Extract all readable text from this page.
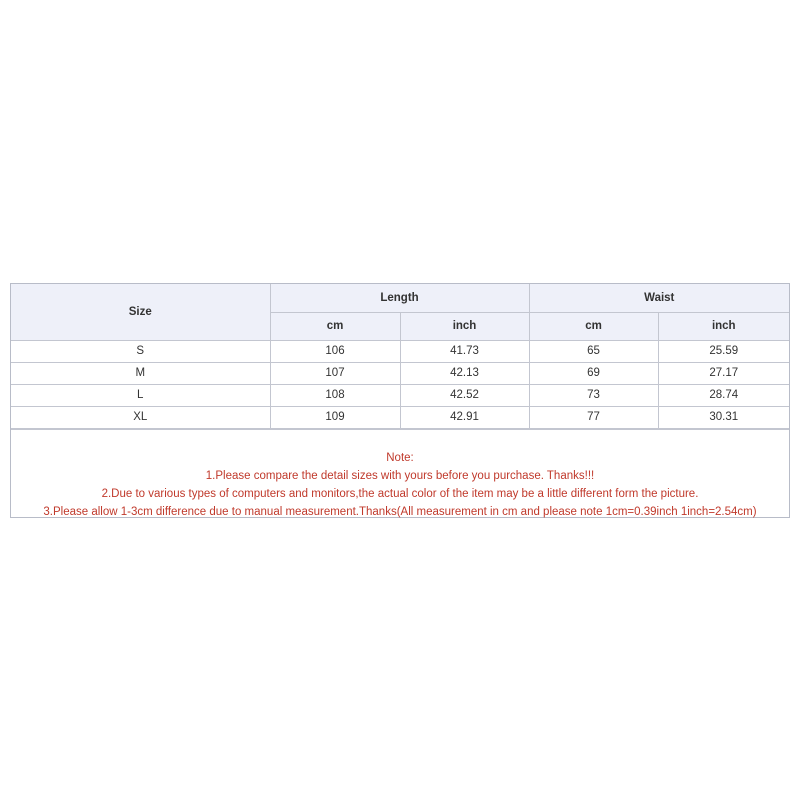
Size	Length		Waist	
	cm	inch	cm	inch
S	106	41.73	65	25.59
M	107	42.13	69	27.17
L	108	42.52	73	28.74
XL	109	42.91	77	30.31
Note:
1.Please compare the detail sizes with yours before you purchase. Thanks!!!
2.Due to various types of computers and monitors,the actual color of the item may be a little different form the picture.
3.Please allow 1-3cm difference due to manual measurement.Thanks(All measurement in cm and please note 1cm=0.39inch 1inch=2.54cm)
